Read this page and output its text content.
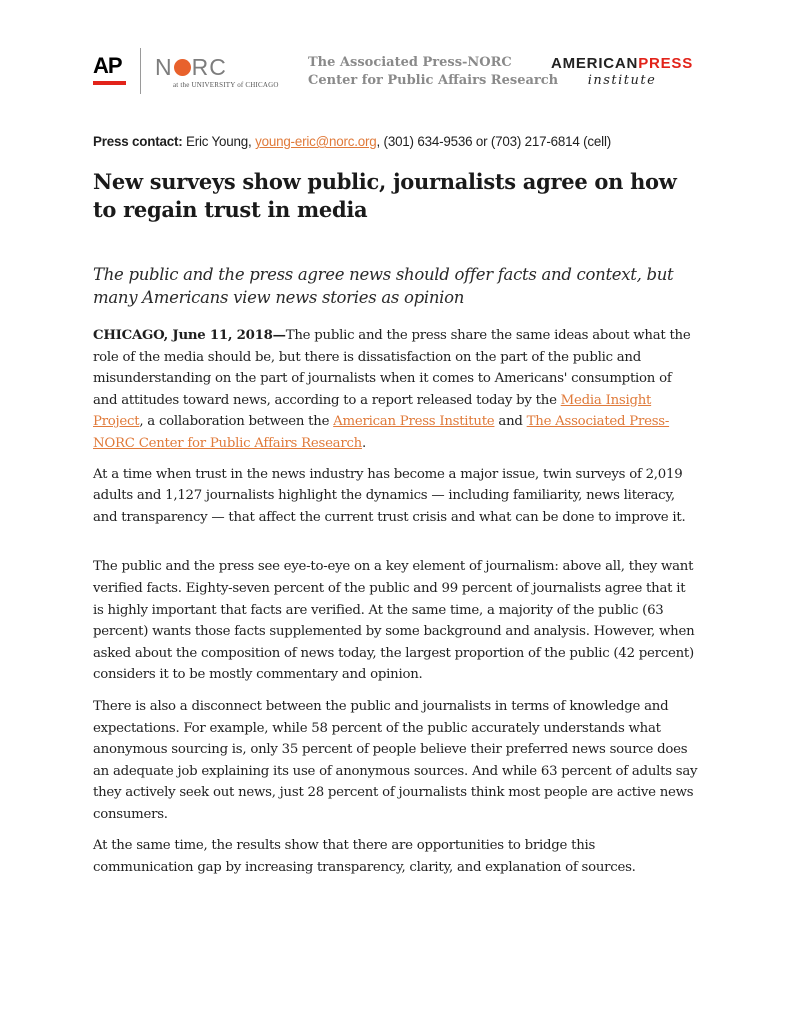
AP N RC
at the UNIVERSITY of CHICAGO
The Associated Press-NORC
Center for Public Affairs Research
AMERICANPRESS
institute
Press contact: Eric Young, young-eric@norc.org, (301) 634-9536 or (703) 217-6814 (cell)
New surveys show public, journalists agree on how to regain trust in media
The public and the press agree news should offer facts and context, but many Americans view news stories as opinion

CHICAGO, June 11, 2018—The public and the press share the same ideas about what the role of the media should be, but there is dissatisfaction on the part of the public and misunderstanding on the part of journalists when it comes to Americans' consumption of and attitudes toward news, according to a report released today by the Media Insight Project, a collaboration between the American Press Institute and The Associated Press-NORC Center for Public Affairs Research.

At a time when trust in the news industry has become a major issue, twin surveys of 2,019 adults and 1,127 journalists highlight the dynamics — including familiarity, news literacy, and transparency — that affect the current trust crisis and what can be done to improve it.

The public and the press see eye-to-eye on a key element of journalism: above all, they want verified facts. Eighty-seven percent of the public and 99 percent of journalists agree that it is highly important that facts are verified. At the same time, a majority of the public (63 percent) wants those facts supplemented by some background and analysis. However, when asked about the composition of news today, the largest proportion of the public (42 percent) considers it to be mostly commentary and opinion.

There is also a disconnect between the public and journalists in terms of knowledge and expectations. For example, while 58 percent of the public accurately understands what anonymous sourcing is, only 35 percent of people believe their preferred news source does an adequate job explaining its use of anonymous sources. And while 63 percent of adults say they actively seek out news, just 28 percent of journalists think most people are active news consumers.

At the same time, the results show that there are opportunities to bridge this communication gap by increasing transparency, clarity, and explanation of sources.
